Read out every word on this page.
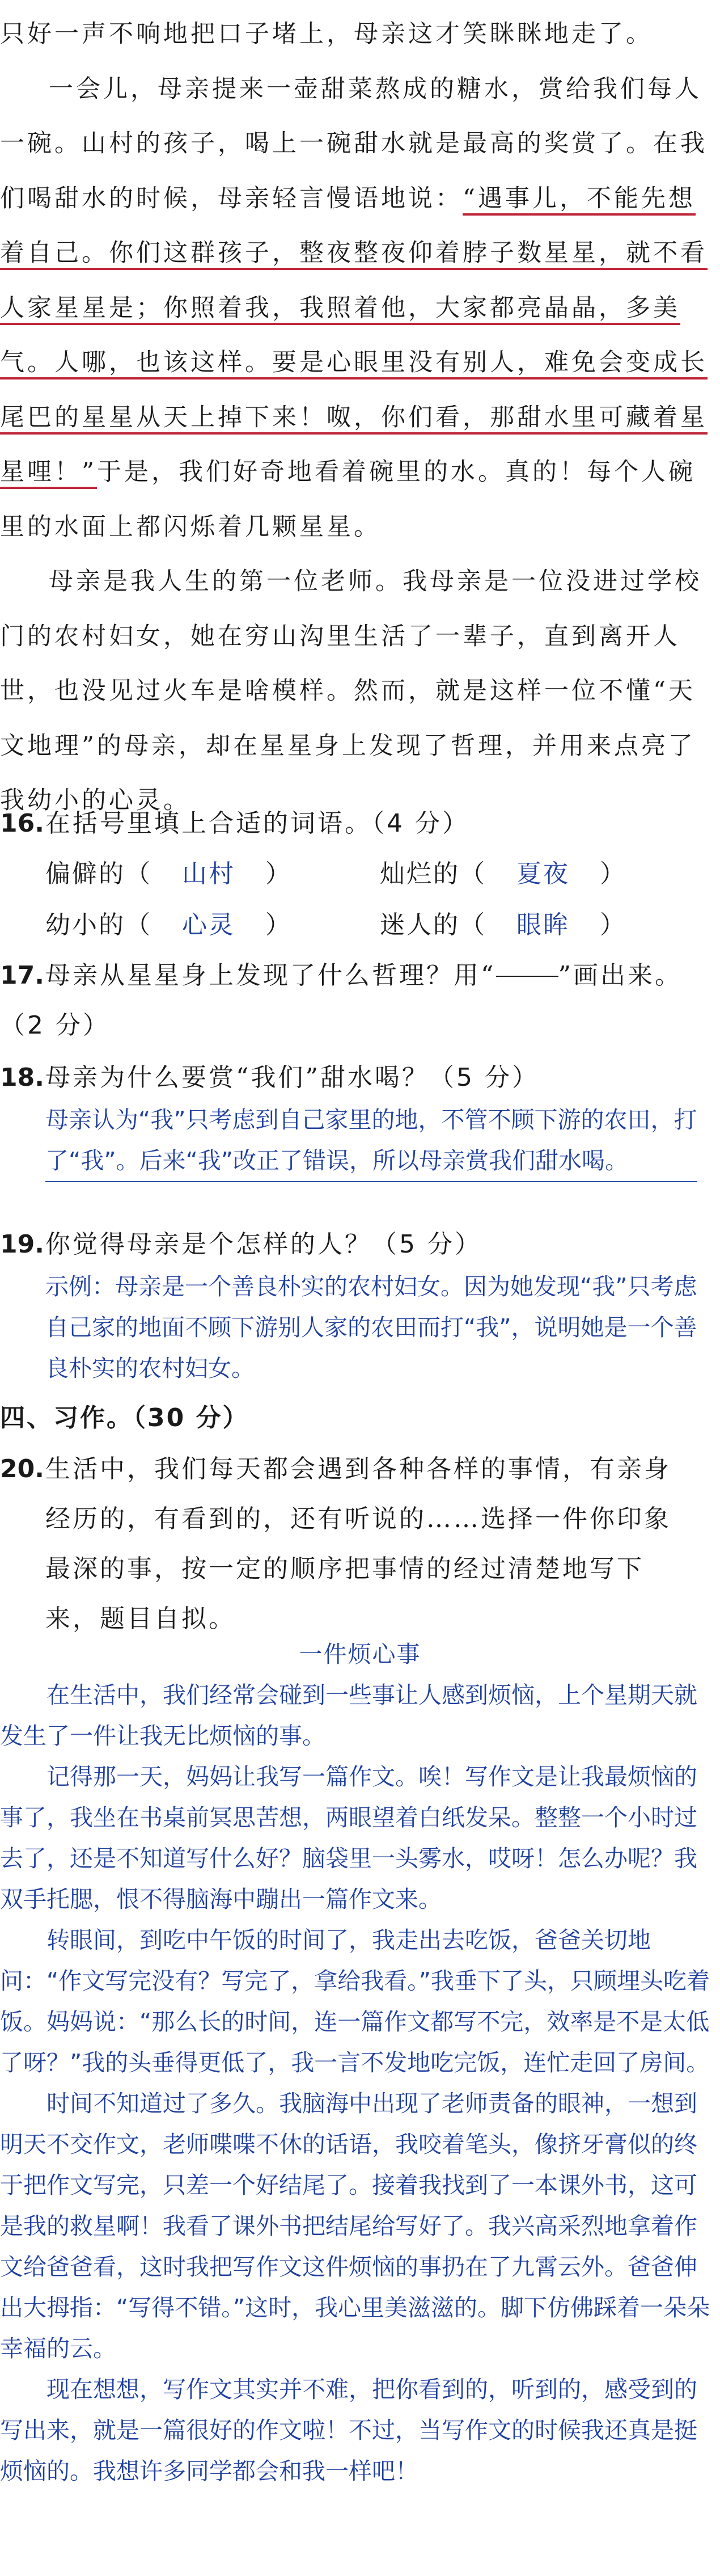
只好一声不响地把口子堵上，母亲这才笑眯眯地走了。

一会儿，母亲提来一壶甜菜熬成的糖水，赏给我们每人一碗。山村的孩子，喝上一碗甜水就是最高的奖赏了。在我们喝甜水的时候，母亲轻言慢语地说：“遇事儿，不能先想着自己。你们这群孩子，整夜整夜仰着脖子数星星，就不看人家星星是；你照着我，我照着他，大家都亮晶晶，多美气。人哪，也该这样。要是心眼里没有别人，难免会变成长尾巴的星星从天上掉下来！呶，你们看，那甜水里可藏着星星哩！”于是，我们好奇地看着碗里的水。真的！每个人碗里的水面上都闪烁着几颗星星。

母亲是我人生的第一位老师。我母亲是一位没进过学校门的农村妇女，她在穷山沟里生活了一辈子，直到离开人世，也没见过火车是啥模样。然而，就是这样一位不懂“天文地理”的母亲，却在星星身上发现了哲理，并用来点亮了我幼小的心灵。

16. 在括号里填上合适的词语。（4 分）
偏僻的（ 山村 ）	灿烂的（ 夏夜 ）
幼小的（ 心灵 ）	迷人的（ 眼眸 ）
17. 母亲从星星身上发现了什么哲理？用“	”画出来。
（2 分）
18. 母亲为什么要赏“我们”甜水喝？（5 分）

母亲认为“我”只考虑到自己家里的地，不管不顾下游的农田，打了“我”。后来“我”改正了错误，所以母亲赏我们甜水喝。

19. 你觉得母亲是个怎样的人？（5 分）

示例：母亲是一个善良朴实的农村妇女。因为她发现“我”只考虑自己家的地面不顾下游别人家的农田而打“我”，说明她是一个善良朴实的农村妇女。

四、习作。（30 分）
20. 生活中，我们每天都会遇到各种各样的事情，有亲身经历的，有看到的，还有听说的……选择一件你印象最深的事，按一定的顺序把事情的经过清楚地写下来，题目自拟。

一件烦心事

在生活中，我们经常会碰到一些事让人感到烦恼，上个星期天就发生了一件让我无比烦恼的事。

记得那一天，妈妈让我写一篇作文。唉！写作文是让我最烦恼的事了，我坐在书桌前冥思苦想，两眼望着白纸发呆。整整一个小时过去了，还是不知道写什么好？脑袋里一头雾水，哎呀！怎么办呢？我双手托腮，恨不得脑海中蹦出一篇作文来。

转眼间，到吃中午饭的时间了，我走出去吃饭，爸爸关切地问：“作文写完没有？写完了，拿给我看。”我垂下了头，只顾埋头吃着饭。妈妈说：“那么长的时间，连一篇作文都写不完，效率是不是太低了呀？”我的头垂得更低了，我一言不发地吃完饭，连忙走回了房间。

时间不知道过了多久。我脑海中出现了老师责备的眼神，一想到明天不交作文，老师喋喋不休的话语，我咬着笔头，像挤牙膏似的终于把作文写完，只差一个好结尾了。接着我找到了一本课外书，这可是我的救星啊！我看了课外书把结尾给写好了。我兴高采烈地拿着作文给爸爸看，这时我把写作文这件烦恼的事扔在了九霄云外。爸爸伸出大拇指：“写得不错。”这时，我心里美滋滋的。脚下仿佛踩着一朵朵幸福的云。

现在想想，写作文其实并不难，把你看到的，听到的，感受到的写出来，就是一篇很好的作文啦！不过，当写作文的时候我还真是挺烦恼的。我想许多同学都会和我一样吧！
